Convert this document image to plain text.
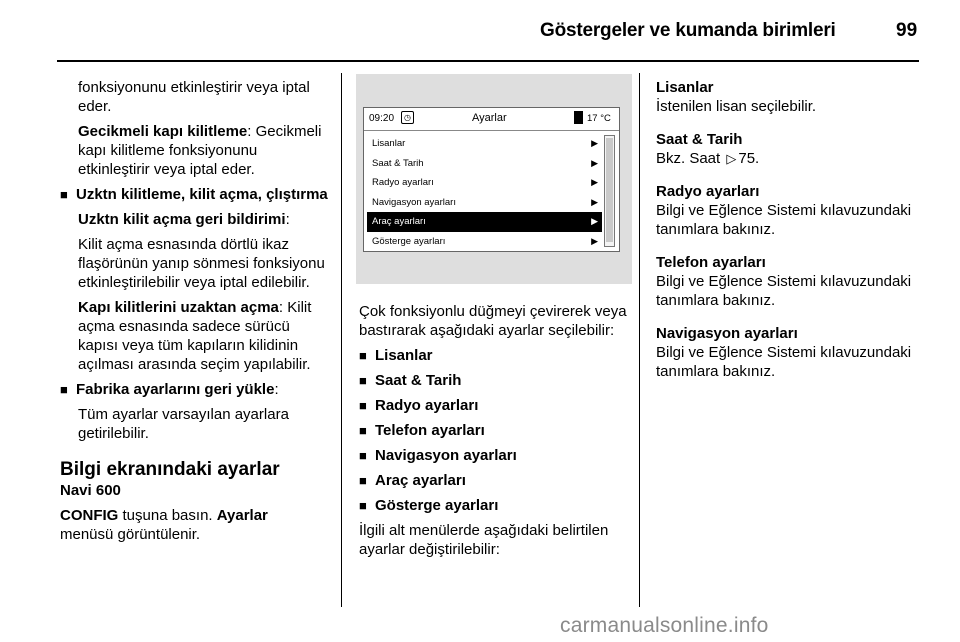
Göstergeler ve kumanda birimleri	99

fonksiyonunu etkinleştirir veya iptal eder.

Gecikmeli kapı kilitleme: Gecikmeli kapı kilitleme fonksiyonunu etkinleştirir veya iptal eder.

■ Uzktn kilitleme, kilit açma, çlıştırma

Uzktn kilit açma geri bildirimi:

Kilit açma esnasında dörtlü ikaz flaşörünün yanıp sönmesi fonksiyonu etkinleştirilebilir veya iptal edilebilir.

Kapı kilitlerini uzaktan açma: Kilit açma esnasında sadece sürücü kapısı veya tüm kapıların kilidinin açılması arasında seçim yapılabilir.

■ Fabrika ayarlarını geri yükle:

Tüm ayarlar varsayılan ayarlara getirilebilir.

Bilgi ekranındaki ayarlar

Navi 600

CONFIG tuşuna basın. Ayarlar
menüsü görüntülenir.

09:20	◷	Ayarlar	17 °C
Lisanlar	▶
Saat & Tarih	▶
Radyo ayarları	▶
Navigasyon ayarları	▶
Araç ayarları	▶
Gösterge ayarları	▶

Çok fonksiyonlu düğmeyi çevirerek veya bastırarak aşağıdaki ayarlar seçilebilir:

■ Lisanlar
■ Saat & Tarih
■ Radyo ayarları
■ Telefon ayarları
■ Navigasyon ayarları
■ Araç ayarları
■ Gösterge ayarları

İlgili alt menülerde aşağıdaki belirtilen ayarlar değiştirilebilir:

Lisanlar

İstenilen lisan seçilebilir.

Saat & Tarih

Bkz. Saat ▷ 75.

Radyo ayarları

Bilgi ve Eğlence Sistemi kılavuzundaki tanımlara bakınız.

Telefon ayarları

Bilgi ve Eğlence Sistemi kılavuzundaki tanımlara bakınız.

Navigasyon ayarları

Bilgi ve Eğlence Sistemi kılavuzundaki tanımlara bakınız.

carmanualsonline.info
